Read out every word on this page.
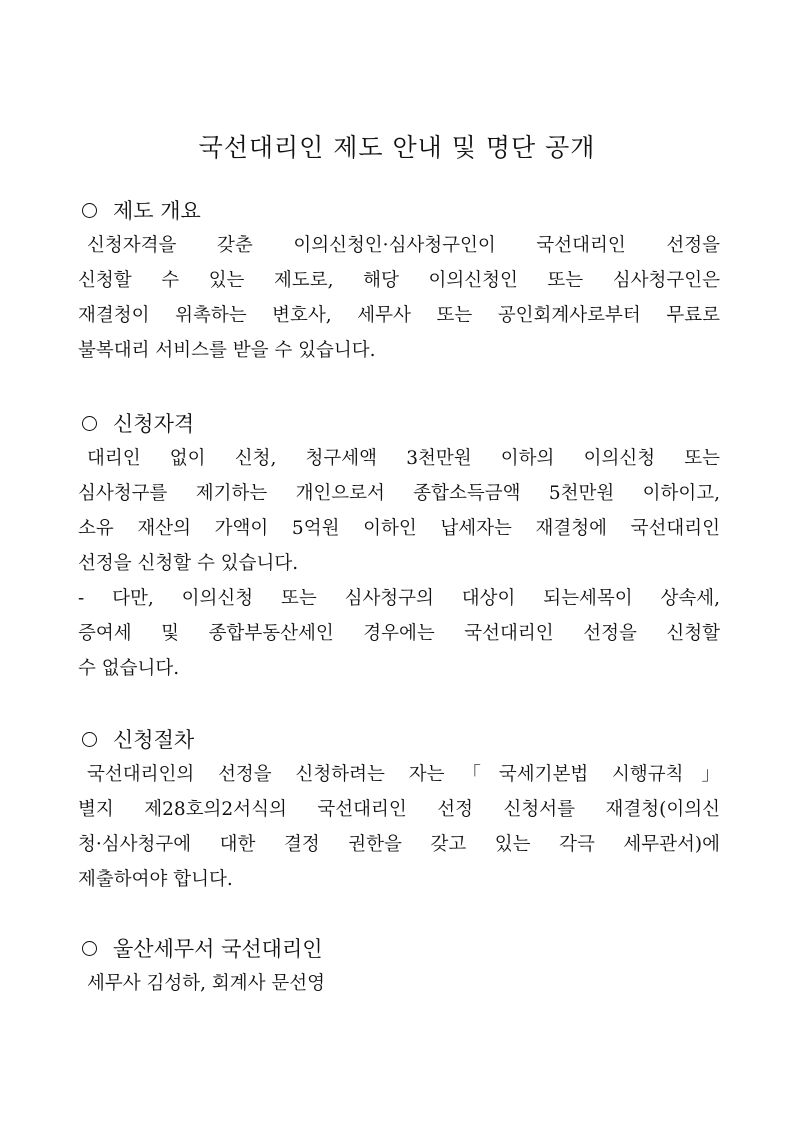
국선대리인 제도 안내 및 명단 공개
제도 개요

신청자격을 갖춘 이의신청인·심사청구인이 국선대리인 선정을

신청할 수 있는 제도로, 해당 이의신청인 또는 심사청구인은

재결청이 위촉하는 변호사, 세무사 또는 공인회계사로부터 무료로

불복대리 서비스를 받을 수 있습니다.

신청자격

대리인 없이 신청, 청구세액 3천만원 이하의 이의신청 또는

심사청구를 제기하는 개인으로서 종합소득금액 5천만원 이하이고,

소유 재산의 가액이 5억원 이하인 납세자는 재결청에 국선대리인

선정을 신청할 수 있습니다.

- 다만, 이의신청 또는 심사청구의 대상이 되는세목이 상속세,

증여세 및 종합부동산세인 경우에는 국선대리인 선정을 신청할

수 없습니다.

신청절차

국선대리인의 선정을 신청하려는 자는「국세기본법 시행규칙」

별지 제28호의2서식의 국선대리인 선정 신청서를 재결청(이의신

청·심사청구에 대한 결정 권한을 갖고 있는 각극 세무관서)에

제출하여야 합니다.

울산세무서 국선대리인

세무사 김성하, 회계사 문선영
